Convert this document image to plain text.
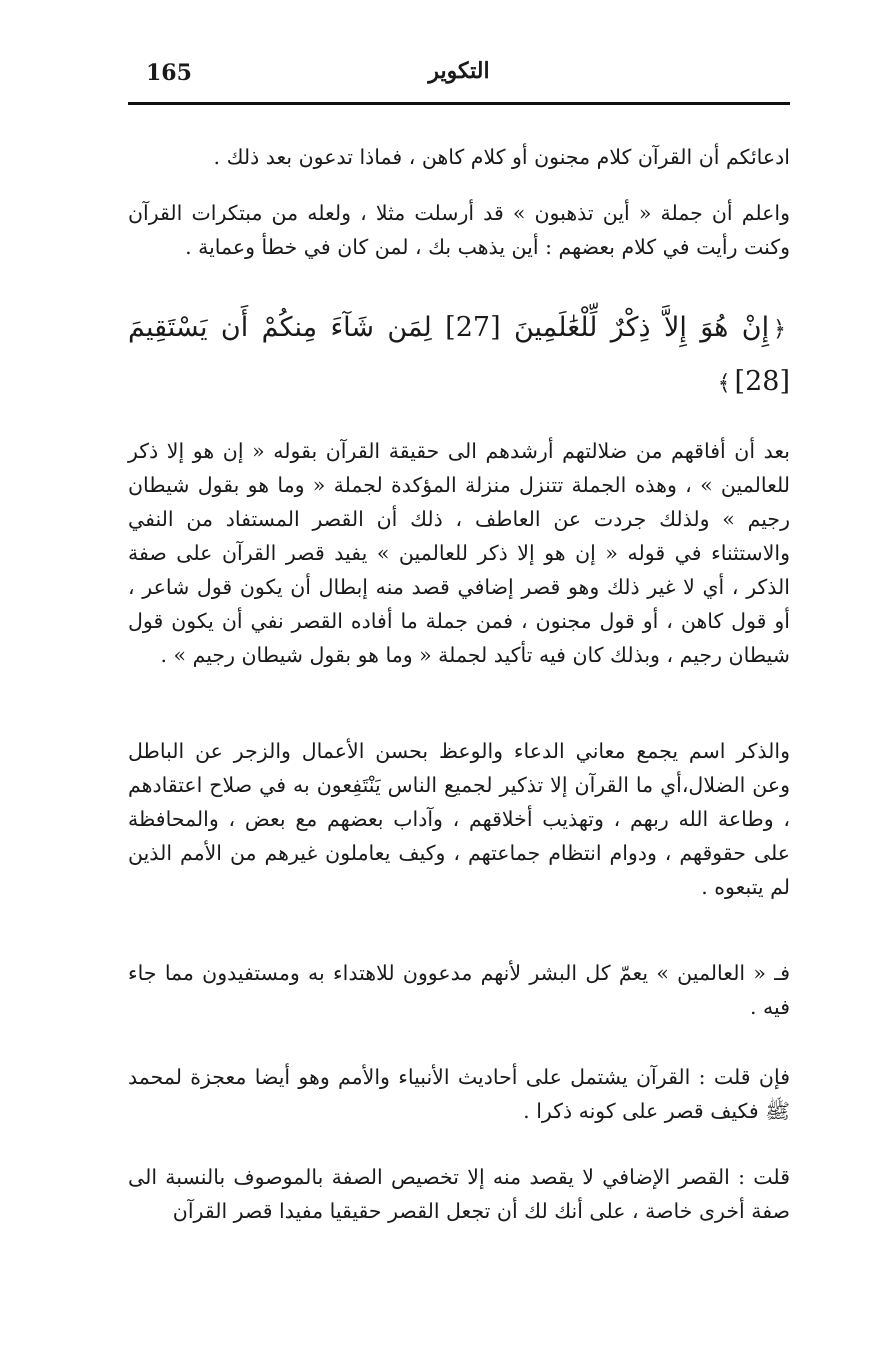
التكوير
165

ادعائكم أن القرآن كلام مجنون أو كلام كاهن ، فماذا تدعون بعد ذلك .

واعلم أن جملة « أين تذهبون » قد أرسلت مثلا ، ولعله من مبتكرات القرآن وكنت رأيت في كلام بعضهم : أين يذهب بك ، لمن كان في خطأ وعماية .

﴿إِنْ هُوَ إِلاَّ ذِكْرٌ لِّلْعَٰلَمِينَ [27] لِمَن شَآءَ مِنكُمْ أَن يَسْتَقِيمَ [28]﴾

بعد أن أفاقهم من ضلالتهم أرشدهم الى حقيقة القرآن بقوله « إن هو إلا ذكر للعالمين » ، وهذه الجملة تتنزل منزلة المؤكدة لجملة « وما هو بقول شيطان رجيم » ولذلك جردت عن العاطف ، ذلك أن القصر المستفاد من النفي والاستثناء في قوله « إن هو إلا ذكر للعالمين » يفيد قصر القرآن على صفة الذكر ، أي لا غير ذلك وهو قصر إضافي قصد منه إبطال أن يكون قول شاعر ، أو قول كاهن ، أو قول مجنون ، فمن جملة ما أفاده القصر نفي أن يكون قول شيطان رجيم ، وبذلك كان فيه تأكيد لجملة « وما هو بقول شيطان رجيم » .

والذكر اسم يجمع معاني الدعاء والوعظ بحسن الأعمال والزجر عن الباطل وعن الضلال،أي ما القرآن إلا تذكير لجميع الناس يَنْتَفِعون به في صلاح اعتقادهم ، وطاعة الله ربهم ، وتهذيب أخلاقهم ، وآداب بعضهم مع بعض ، والمحافظة على حقوقهم ، ودوام انتظام جماعتهم ، وكيف يعاملون غيرهم من الأمم الذين لم يتبعوه .

فـ « العالمين » يعمّ كل البشر لأنهم مدعوون للاهتداء به ومستفيدون مما جاء فيه .

فإن قلت : القرآن يشتمل على أحاديث الأنبياء والأمم وهو أيضا معجزة لمحمد ﷺ فكيف قصر على كونه ذكرا .

قلت : القصر الإضافي لا يقصد منه إلا تخصيص الصفة بالموصوف بالنسبة الى صفة أخرى خاصة ، على أنك لك أن تجعل القصر حقيقيا مفيدا قصر القرآن
